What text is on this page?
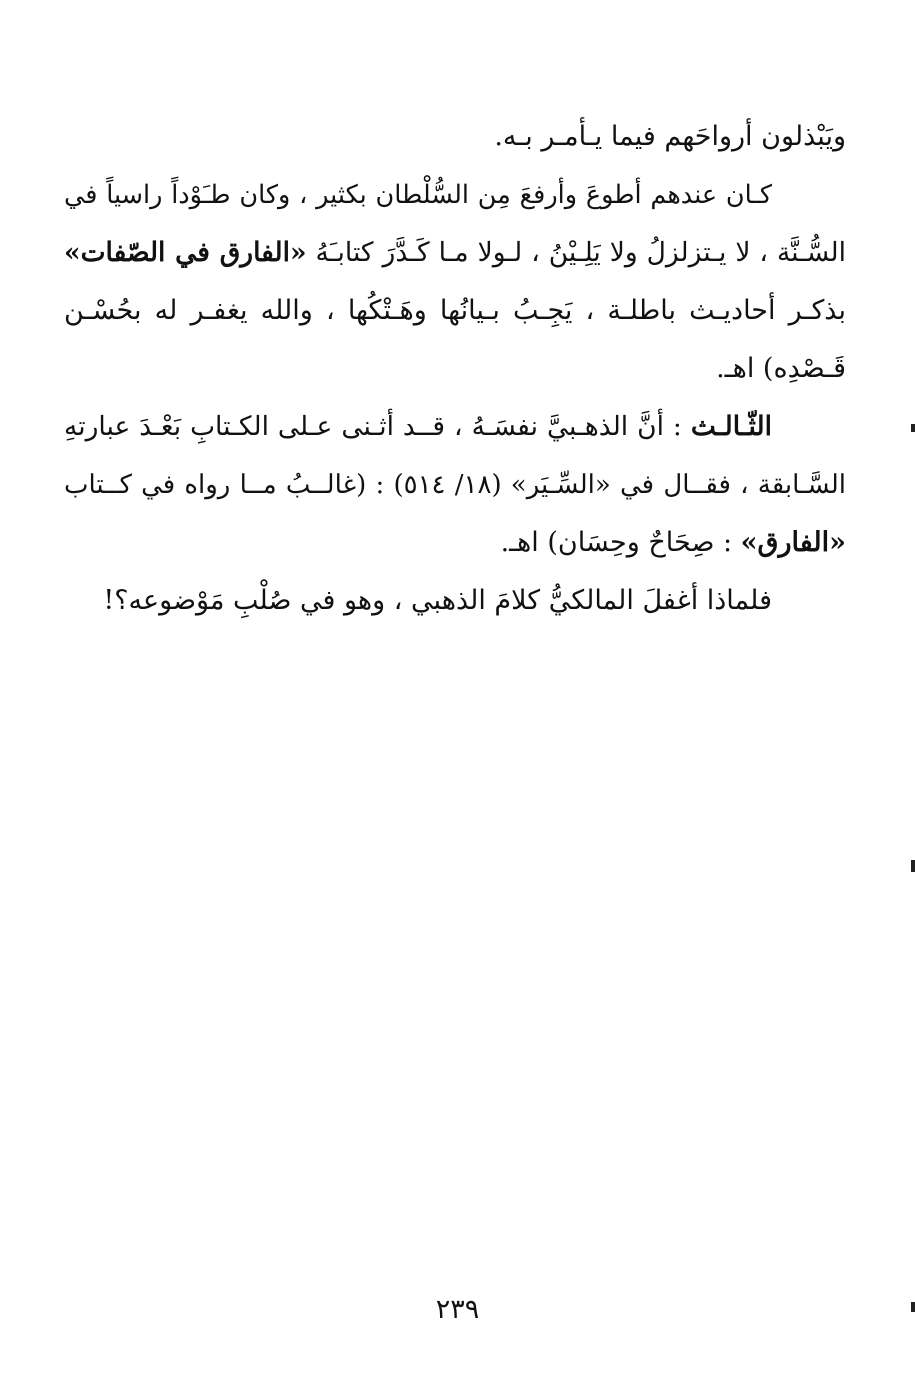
ويَبْذلون أرواحَهم فيما يـأمـر بـه.
كـان عندهم أطوعَ وأرفعَ مِن السُّلْطان بكثير ، وكان طـَوْداً راسياً في
السُّـنَّة ، لا يـتزلزلُ ولا يَلِـيْنُ ، لـولا مـا كَـدَّرَ كتابـَهُ «الفارق في الصّفات»
بذكـر أحاديـث باطلـة ، يَجِـبُ بـيانُها وهَـتْكُها ، والله يغفـر له بحُسْـن
قَـصْدِه) اهـ.
الثّـالـث : أنَّ الذهـبيَّ نفسَـهُ ، قــد أثـنى عـلى الكـتابِ بَعْـدَ عبارتهِ
السَّـابقة ، فقــال في «السِّـيَر» (١٨/ ٥١٤) : (غالــبُ مــا رواه في كــتاب
«الفارق» : صِحَاحٌ وحِسَان) اهـ.
فلماذا أغفلَ المالكيُّ كلامَ الذهبي ، وهو في صُلْبِ مَوْضوعه؟!
٢٣٩
